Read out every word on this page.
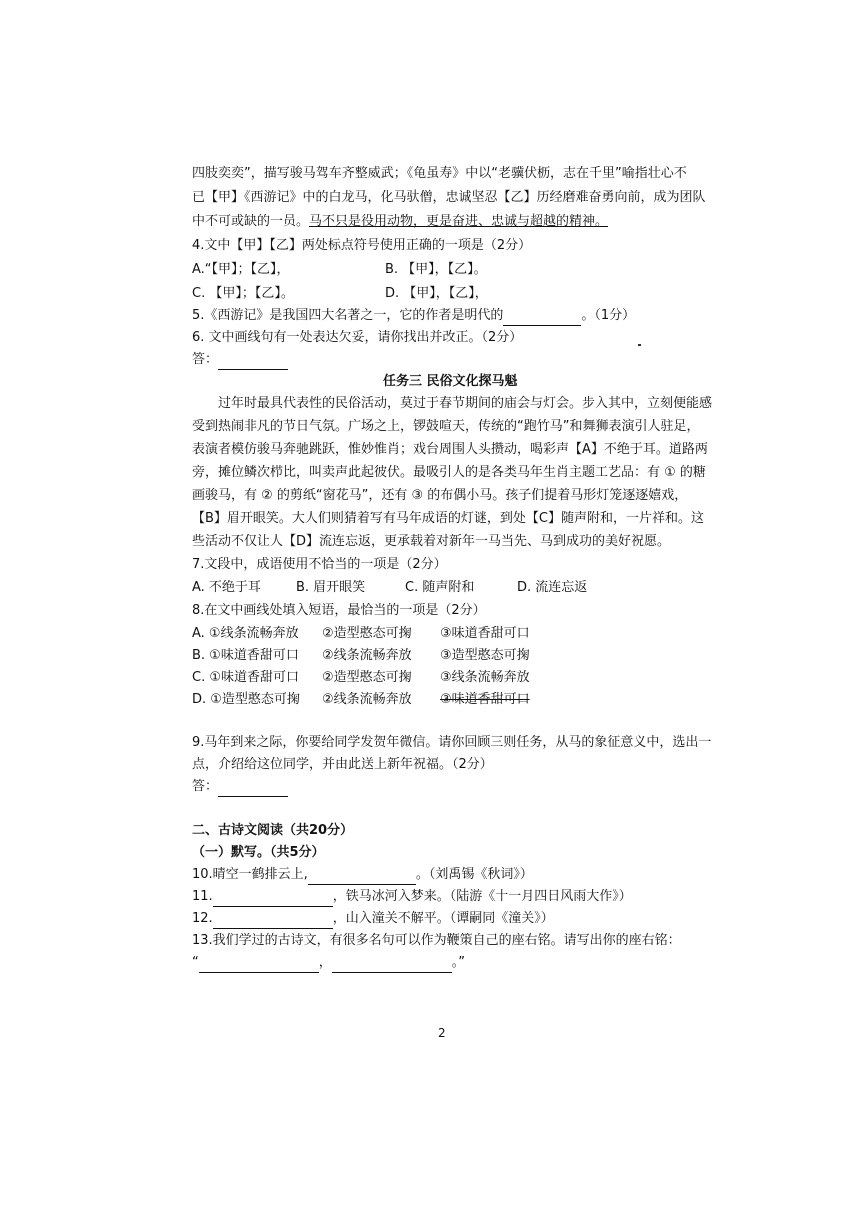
四肢奕奕”，描写骏马驾车齐整威武；《龟虽寿》中以“老骥伏枥，志在千里”喻指壮心不
已【甲】《西游记》中的白龙马，化马驮僧，忠诚坚忍【乙】历经磨难奋勇向前，成为团队
中不可或缺的一员。马不只是役用动物，更是奋进、忠诚与超越的精神。
4.文中【甲】【乙】两处标点符号使用正确的一项是（2分）
A.“【甲】；【乙】，	B. 【甲】，【乙】。
C. 【甲】；【乙】。	D. 【甲】，【乙】，
5.《西游记》是我国四大名著之一，它的作者是明代的	。（1分）
6. 文中画线句有一处表达欠妥，请你找出并改正。（2分）
答：
任务三 民俗文化探马魁
过年时最具代表性的民俗活动，莫过于春节期间的庙会与灯会。步入其中，立刻便能感
受到热闹非凡的节日气氛。广场之上，锣鼓喧天，传统的“跑竹马”和舞狮表演引人驻足，
表演者模仿骏马奔驰跳跃，惟妙惟肖；戏台周围人头攒动，喝彩声【A】不绝于耳。道路两
旁，摊位鳞次栉比，叫卖声此起彼伏。最吸引人的是各类马年生肖主题工艺品：有 ① 的糖
画骏马，有 ② 的剪纸“窗花马”，还有 ③ 的布偶小马。孩子们提着马形灯笼逐逐嬉戏，
【B】眉开眼笑。大人们则猜着写有马年成语的灯谜，到处【C】随声附和，一片祥和。这
些活动不仅让人【D】流连忘返，更承载着对新年一马当先、马到成功的美好祝愿。
7.文段中，成语使用不恰当的一项是（2分）
A. 不绝于耳	B. 眉开眼笑	C. 随声附和	D. 流连忘返
8.在文中画线处填入短语，最恰当的一项是（2分）
A. ①线条流畅奔放 ②造型憨态可掬 ③味道香甜可口
B. ①味道香甜可口 ②线条流畅奔放 ③造型憨态可掬
C. ①味道香甜可口 ②造型憨态可掬 ③线条流畅奔放
D. ①造型憨态可掬 ②线条流畅奔放 ③味道香甜可口
9.马年到来之际，你要给同学发贺年微信。请你回顾三则任务，从马的象征意义中，选出一
点，介绍给这位同学，并由此送上新年祝福。（2分）
答：
二、古诗文阅读（共20分）
（一）默写。（共5分）
10.晴空一鹤排云上,	。（刘禹锡《秋词》）
11.	，铁马冰河入梦来。（陆游《十一月四日风雨大作》）
12.	，山入潼关不解平。（谭嗣同《潼关》）
13.我们学过的古诗文，有很多名句可以作为鞭策自己的座右铭。请写出你的座右铭：
“	，	。”
2
